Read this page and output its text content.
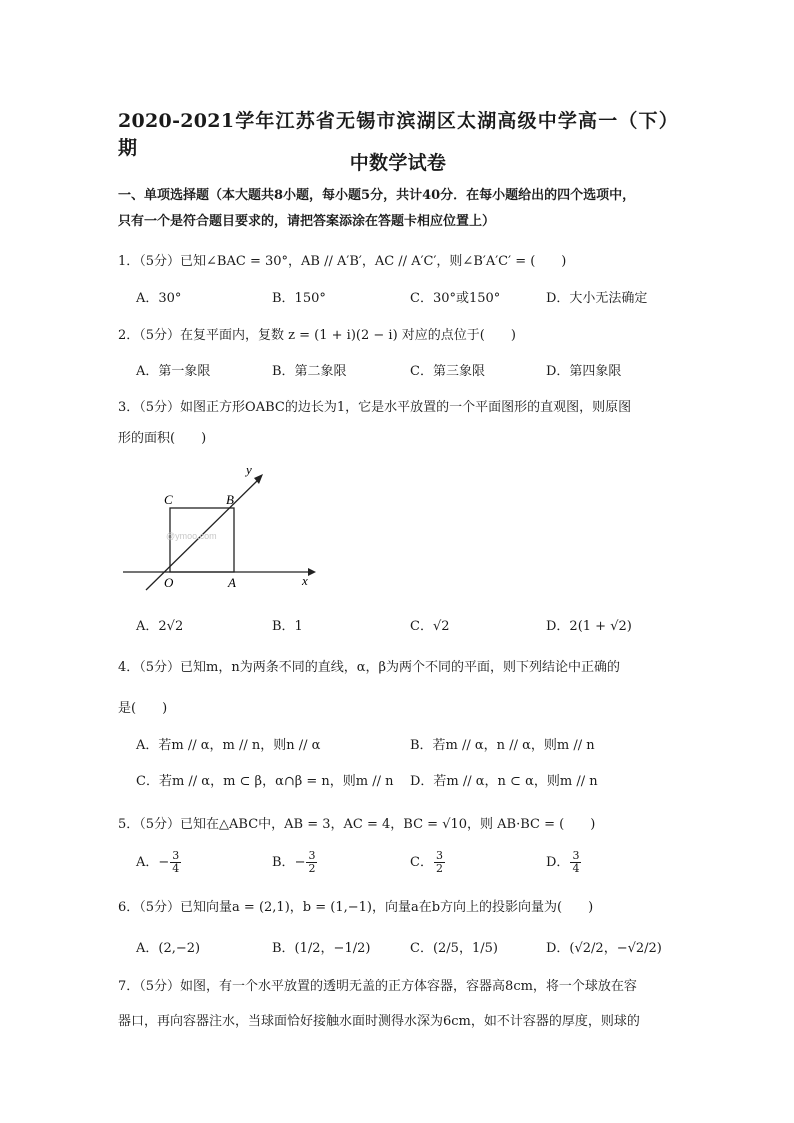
2020-2021学年江苏省无锡市滨湖区太湖高级中学高一（下）期
中数学试卷
一、单项选择题（本大题共8小题，每小题5分，共计40分．在每小题给出的四个选项中，
只有一个是符合题目要求的，请把答案添涂在答题卡相应位置上）
1．（5分）已知∠BAC = 30°，AB // A′B′，AC // A′C′，则∠B′A′C′ = (　　)
A．30°	B．150°	C．30°或150°	D．大小无法确定
2．（5分）在复平面内，复数 z = (1 + i)(2 − i) 对应的点位于(　　)
A．第一象限	B．第二象限	C．第三象限	D．第四象限
3．（5分）如图正方形OABC的边长为1，它是水平放置的一个平面图形的直观图，则原图
形的面积(　　)
@ymoo.com
y
x
O	A
B
C
A．2√2	B．1	C．√2	D．2(1 + √2)
4．（5分）已知m，n为两条不同的直线，α，β为两个不同的平面，则下列结论中正确的
是(　　)
A．若m // α，m // n，则n // α	B．若m // α，n // α，则m // n
C．若m // α，m ⊂ β，α∩β = n，则m // n D．若m // α，n ⊂ α，则m // n
5．（5分）已知在△ABC中，AB = 3，AC = 4，BC = √10，则 AB·BC = (　　)
A．− $\frac{3}{4}$	B．− $\frac{3}{2}$	C． $\frac{3}{2}$	D． $\frac{3}{4}$
6．（5分）已知向量a = (2,1)，b = (1,−1)，向量a在b方向上的投影向量为(　　)
A．(2,−2)	B．(1/2，−1/2)	C．(2/5，1/5)	D．(√2/2，−√2/2)
7．（5分）如图，有一个水平放置的透明无盖的正方体容器，容器高8cm，将一个球放在容
器口，再向容器注水，当球面恰好接触水面时测得水深为6cm，如不计容器的厚度，则球的
